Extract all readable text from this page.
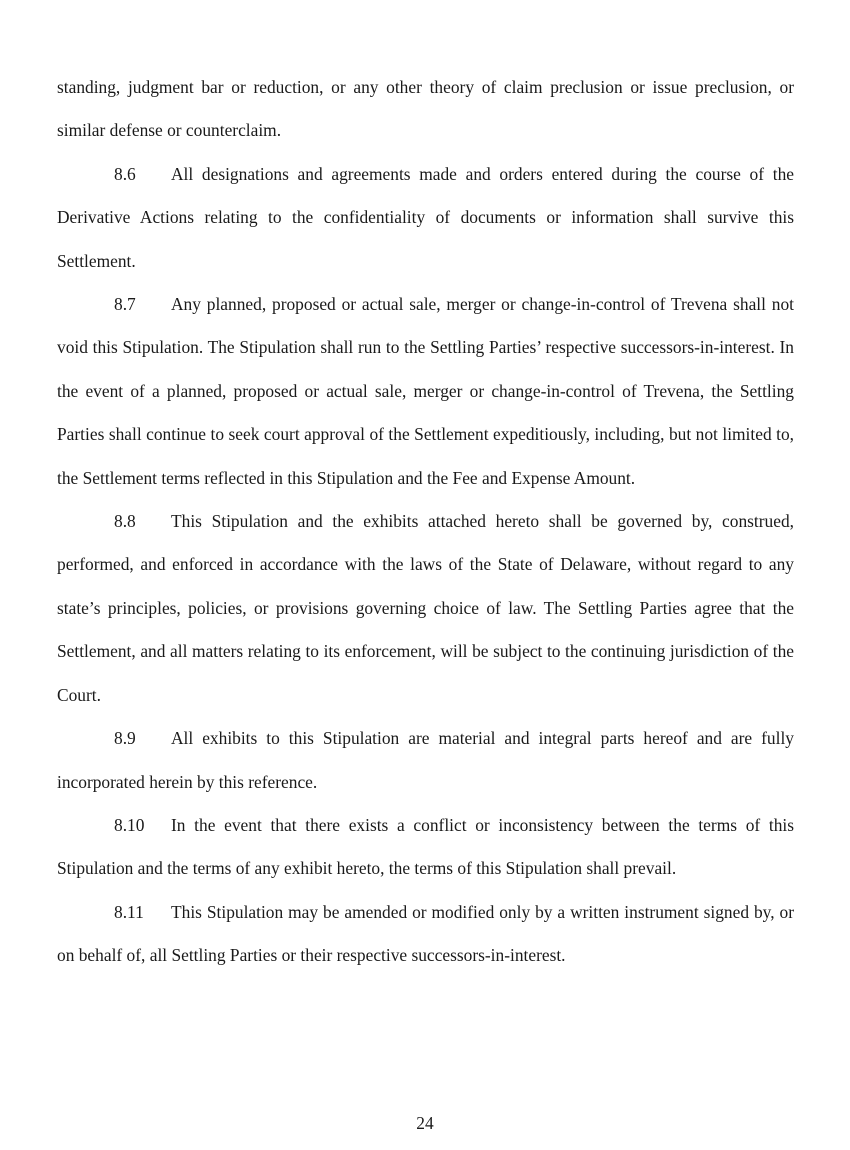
standing, judgment bar or reduction, or any other theory of claim preclusion or issue preclusion, or similar defense or counterclaim.

8.6 All designations and agreements made and orders entered during the course of the Derivative Actions relating to the confidentiality of documents or information shall survive this Settlement.

8.7 Any planned, proposed or actual sale, merger or change-in-control of Trevena shall not void this Stipulation. The Stipulation shall run to the Settling Parties’ respective successors-in-interest. In the event of a planned, proposed or actual sale, merger or change-in-control of Trevena, the Settling Parties shall continue to seek court approval of the Settlement expeditiously, including, but not limited to, the Settlement terms reflected in this Stipulation and the Fee and Expense Amount.

8.8 This Stipulation and the exhibits attached hereto shall be governed by, construed, performed, and enforced in accordance with the laws of the State of Delaware, without regard to any state’s principles, policies, or provisions governing choice of law. The Settling Parties agree that the Settlement, and all matters relating to its enforcement, will be subject to the continuing jurisdiction of the Court.

8.9 All exhibits to this Stipulation are material and integral parts hereof and are fully incorporated herein by this reference.

8.10 In the event that there exists a conflict or inconsistency between the terms of this Stipulation and the terms of any exhibit hereto, the terms of this Stipulation shall prevail.

8.11 This Stipulation may be amended or modified only by a written instrument signed by, or on behalf of, all Settling Parties or their respective successors-in-interest.

24
